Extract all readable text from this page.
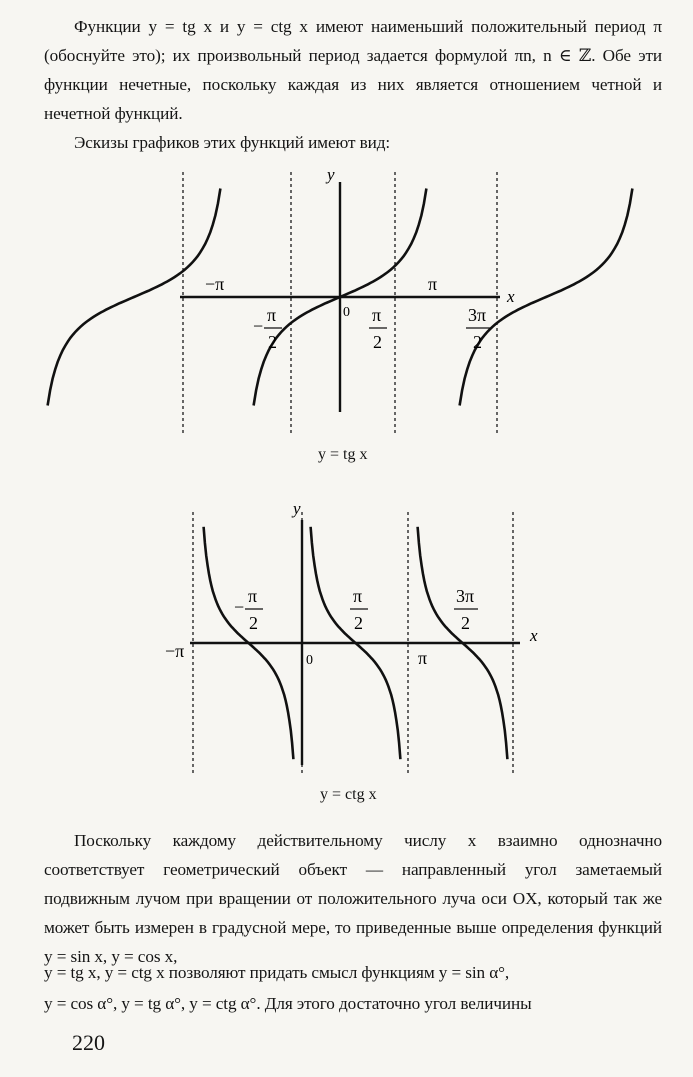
Функции y = tg x и y = ctg x имеют наименьший положительный период π (обоснуйте это); их произвольный период задается формулой πn, n ∈ ℤ. Обе эти функции нечетные, поскольку каждая из них является отношением четной и нечетной функций.
Эскизы графиков этих функций имеют вид:
y
x
−π	π
0
−
π
2
π
2
3π
2
y
x
−π	π
0
−
π
2
π
2
3π
2
y = tg x
y = ctg x
Поскольку каждому действительному числу x взаимно однозначно соответствует геометрический объект — направленный угол заметаемый подвижным лучом при вращении от положительного луча оси OX, который так же может быть измерен в градусной мере, то приведенные выше определения функций y = sin x, y = cos x,
y = tg x, y = ctg x позволяют придать смысл функциям y = sin α°,
y = cos α°, y = tg α°, y = ctg α°. Для этого достаточно угол величины
220
